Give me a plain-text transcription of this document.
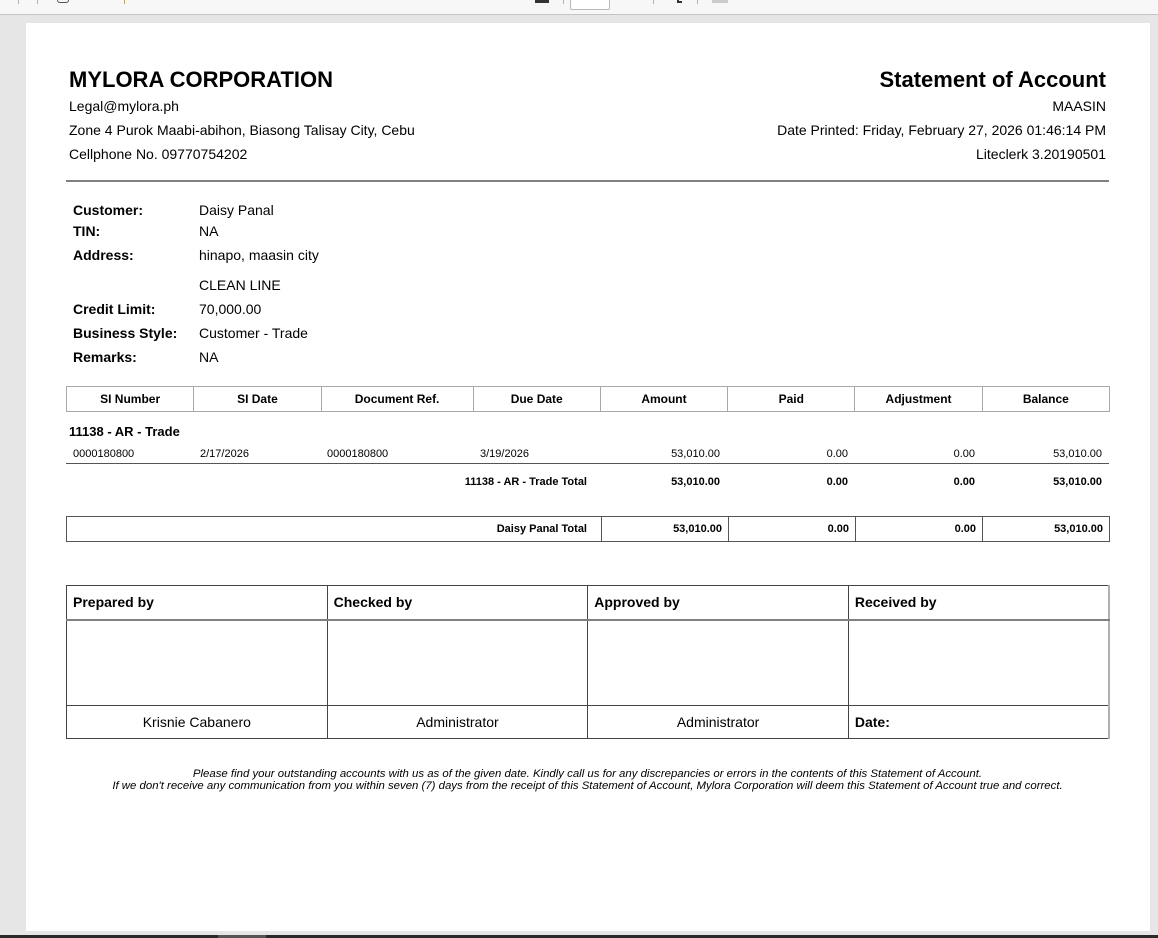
MYLORA CORPORATION
Legal@mylora.ph
Zone 4 Purok Maabi-abihon, Biasong Talisay City, Cebu
Cellphone No. 09770754202
Statement of Account
MAASIN
Date Printed: Friday, February 27, 2026 01:46:14 PM
Liteclerk 3.20190501
Customer:	Daisy Panal
TIN:	NA
Address:	hinapo, maasin city
CLEAN LINE
Credit Limit:	70,000.00
Business Style: Customer - Trade
Remarks:	NA
SI Number	SI Date	Document Ref.	Due Date	Amount	Paid	Adjustment	Balance
11138 - AR - Trade
0000180800	2/17/2026	0000180800	3/19/2026	53,010.00	0.00	0.00	53,010.00
11138 - AR - Trade Total	53,010.00	0.00	0.00	53,010.00
Daisy Panal Total	53,010.00	0.00	0.00	53,010.00
Prepared by	Checked by	Approved by	Received by

Krisnie Cabanero	Administrator	Administrator	Date:
Please find your outstanding accounts with us as of the given date. Kindly call us for any discrepancies or errors in the contents of this Statement of Account.
If we don't receive any communication from you within seven (7) days from the receipt of this Statement of Account, Mylora Corporation will deem this Statement of Account true and correct.
